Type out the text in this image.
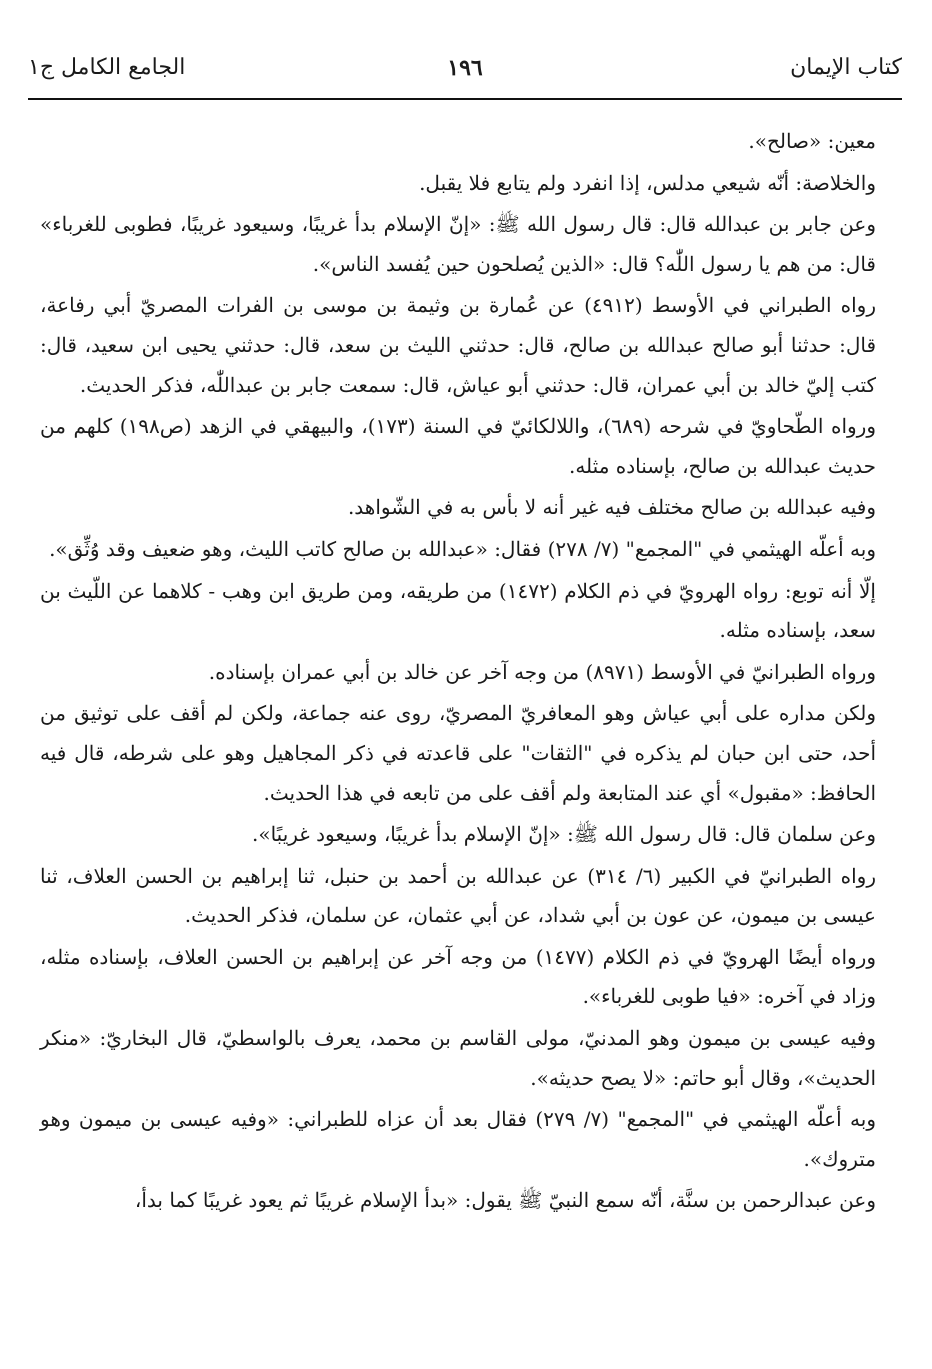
كتاب الإيمان
١٩٦
الجامع الكامل ج١

معين: «صالح».

والخلاصة: أنّه شيعي مدلس، إذا انفرد ولم يتابع فلا يقبل.

وعن جابر بن عبدالله قال: قال رسول الله ﷺ: «إنّ الإسلام بدأ غريبًا، وسيعود غريبًا، فطوبى للغرباء» قال: من هم يا رسول اللّٰه؟ قال: «الذين يُصلحون حين يُفسد الناس».

رواه الطبراني في الأوسط (٤٩١٢) عن عُمارة بن وثيمة بن موسى بن الفرات المصريّ أبي رفاعة، قال: حدثنا أبو صالح عبدالله بن صالح، قال: حدثني الليث بن سعد، قال: حدثني يحيى ابن سعيد، قال: كتب إليّ خالد بن أبي عمران، قال: حدثني أبو عياش، قال: سمعت جابر بن عبداللّٰه، فذكر الحديث.

ورواه الطّحاويّ في شرحه (٦٨٩)، واللالكائيّ في السنة (١٧٣)، والبيهقي في الزهد (ص١٩٨) كلهم من حديث عبدالله بن صالح، بإسناده مثله.

وفيه عبدالله بن صالح مختلف فيه غير أنه لا بأس به في الشّواهد.

وبه أعلّه الهيثمي في "المجمع" (٧/ ٢٧٨) فقال: «عبدالله بن صالح كاتب الليث، وهو ضعيف وقد وُثِّق».

إلّا أنه توبع: رواه الهرويّ في ذم الكلام (١٤٧٢) من طريقه، ومن طريق ابن وهب - كلاهما عن اللّيث بن سعد، بإسناده مثله.

ورواه الطبرانيّ في الأوسط (٨٩٧١) من وجه آخر عن خالد بن أبي عمران بإسناده.

ولكن مداره على أبي عياش وهو المعافريّ المصريّ، روى عنه جماعة، ولكن لم أقف على توثيق من أحد، حتى ابن حبان لم يذكره في "الثقات" على قاعدته في ذكر المجاهيل وهو على شرطه، قال فيه الحافظ: «مقبول» أي عند المتابعة ولم أقف على من تابعه في هذا الحديث.

وعن سلمان قال: قال رسول الله ﷺ: «إنّ الإسلام بدأ غريبًا، وسيعود غريبًا».

رواه الطبرانيّ في الكبير (٦/ ٣١٤) عن عبدالله بن أحمد بن حنبل، ثنا إبراهيم بن الحسن العلاف، ثنا عيسى بن ميمون، عن عون بن أبي شداد، عن أبي عثمان، عن سلمان، فذكر الحديث.

ورواه أيضًا الهرويّ في ذم الكلام (١٤٧٧) من وجه آخر عن إبراهيم بن الحسن العلاف، بإسناده مثله، وزاد في آخره: «فيا طوبى للغرباء».

وفيه عيسى بن ميمون وهو المدنيّ، مولى القاسم بن محمد، يعرف بالواسطيّ، قال البخاريّ: «منكر الحديث»، وقال أبو حاتم: «لا يصح حديثه».

وبه أعلّه الهيثمي في "المجمع" (٧/ ٢٧٩) فقال بعد أن عزاه للطبراني: «وفيه عيسى بن ميمون وهو متروك».

وعن عبدالرحمن بن سنَّة، أنّه سمع النبيّ ﷺ يقول: «بدأ الإسلام غريبًا ثم يعود غريبًا كما بدأ،
